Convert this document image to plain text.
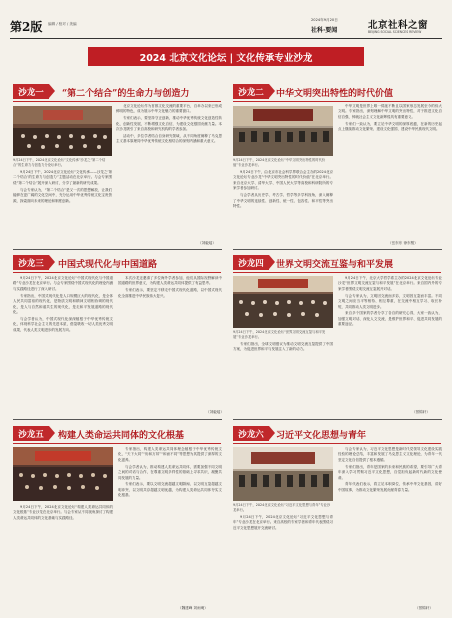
第2版 编辑 / 校对 / 美编
2024年9月20日
社科·要闻	北京社科之窗
BEIJING SOCIAL SCIENCES REVIEW
2024 北京文化论坛 | 文化传承专业沙龙
沙龙一	“第二个结合”的生命力与创造力

北京文化论坛作为首都文化交流的重要平台，自举办以来已形成鲜明的特色，成为展示中华文化魅力的重要窗口。

专家们表示，要坚持守正创新，推动中华优秀传统文化创造性转化、创新性发展，不断增强文化自信，为建设文化强国贡献力量。本次沙龙吸引了来自高校和研究机构的学者参加。

活动中，多位学者结合自身研究领域，从不同角度阐释了马克思主义基本原理同中华优秀传统文化相结合的深刻内涵和重大意义。

9月24日下午，2024北京文化论坛“文化传承”沙龙之“第二个结合”的生命力与创造力分论坛举行。

9月24日下午，2024北京文化论坛“文化传承——沙龙之‘第二个结合’的生命力与创造力”主题活动在北京举行。与会专家围绕“第二个结合”展开深入研讨，分享了最新的研究成果。

与会专家认为，“第二个结合”是又一次的思想解放，让我们能够在更广阔的文化空间中，充分运用中华优秀传统文化宝贵资源，探索面向未来的理论和制度创新。

（刘毅瑶）
沙龙二	中华文明突出特性的时代价值

中华文明是世界上唯一绵延不断且以国家形态发展至今的伟大文明。专家指出，深刻理解中华文明的突出特性，对于推进文化自信自强、铸就社会主义文化新辉煌具有重要意义。

专家们一致认为，要立足中华文明的深厚底蕴，在新的历史起点上继续推动文化繁荣、建设文化强国、建设中华民族现代文明。

9月24日下午，2024北京文化论坛“中华文明突出特性的时代价值”专业沙龙举行。

9月24日下午，由北京市社会科学界联合会主办的2024北京文化论坛专业沙龙“中华文明突出特性的时代价值”在北京举行。来自北京大学、清华大学、中国人民大学等高校和科研院所的专家学者参加研讨。

与会学者从历史学、考古学、哲学等多学科视角，深入阐释了中华文明的连续性、创新性、统一性、包容性、和平性等突出特性。

（岳东东 徐东骏）
沙龙三	中国式现代化与中国道路

9月24日下午，2024北京文化论坛“中国式现代化与中国道路”专业沙龙在北京举行。与会专家围绕中国式现代化的理论内涵与实践路径进行了深入研讨。

专家指出，中国式现代化是人口规模巨大的现代化，是全体人民共同富裕的现代化，是物质文明和精神文明相协调的现代化，是人与自然和谐共生的现代化，是走和平发展道路的现代化。

与会学者认为，中国式现代化深深植根于中华优秀传统文化，体现科学社会主义的先进本质，借鉴吸收一切人类优秀文明成果，代表人类文明进步的发展方向。

本次沙龙还邀请了多位海外学者参加，他们从国际视野解读中国道路的世界意义，为构建人类命运共同体提供了有益思考。

专家们表示，要坚定不移走中国式现代化道路，以中国式现代化全面推进中华民族伟大复兴。

（刘毅瑶）
沙龙四	世界文明交流互鉴与和平发展

9月24日下午，北京大学哲学系主办的2024北京文化论坛专业沙龙“世界文明交流互鉴与和平发展”在北京举行。来自国内外的专家学者围绕文明交流互鉴展开对话。

与会专家认为，文明因交流而多彩，文明因互鉴而丰富。不同文明之间应当平等相待、相互尊重，在交流中相互学习、取长补短，共同推动人类文明进步。

来自多个国家的学者分享了各自的研究心得，大家一致认为，加强文明对话、深化人文交流，是维护世界和平、促进共同发展的重要途径。

9月24日下午，2024北京文化论坛“世界文明交流互鉴与和平发展”专业沙龙举行。

专家们指出，全球文明倡议为推动文明交流互鉴提供了中国方案，为促进世界和平与发展注入了新的动力。

（蔡锦轩）
沙龙五	构建人类命运共同体的文化根基

专家指出，构建人类命运共同体理念植根于中华优秀传统文化，“天下大同”“协和万邦”“和而不同”等思想为其提供了深厚的文化滋养。

与会学者认为，推动构建人类命运共同体，需要加强不同文明之间的对话与合作，在尊重文明多样性的基础上寻求共识，凝聚共同发展的力量。

专家们表示，要以文明交流超越文明隔阂、以文明互鉴超越文明冲突、以文明共存超越文明优越，为构建人类命运共同体夯实文化根基。

9月24日下午，2024北京文化论坛“构建人类命运共同体的文化根基”专业沙龙在北京举行。与会专家从不同视角探讨了构建人类命运共同体的文化基础与实践路径。

（魏建峰 刘雨萌）
沙龙六	习近平文化思想与青年

与会专家认为，习近平文化思想是新时代党领导文化建设实践经验的理论总结，丰富和发展了马克思主义文化理论，为青年一代坚定文化自信提供了根本遵循。

专家们指出，青年是国家的未来和民族的希望，要引导广大青年深入学习贯彻习近平文化思想，自觉担负起新时代新的文化使命。

青年代表们表示，将立足本职岗位，传承中华文化基因，讲好中国故事，为推动文化繁荣发展贡献青春力量。

9月24日下午，2024北京文化论坛“习近平文化思想与青年”专业沙龙举行。

9月24日下午，2024北京文化论坛“习近平文化思想与青年”专业沙龙在北京举行。来自高校的专家学者和青年代表围绕习近平文化思想展开交流研讨。

（蔡锦轩）
